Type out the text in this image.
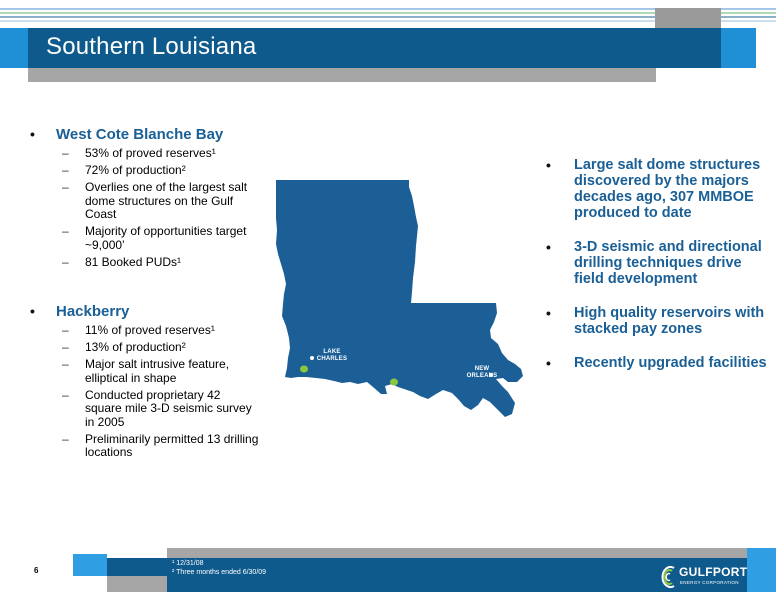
Southern Louisiana
•	West Cote Blanche Bay
–	53% of proved reserves¹
–	72% of production²
–	Overlies one of the largest salt dome structures on the Gulf Coast
–	Majority of opportunities target ~9,000’
–	81 Booked PUDs¹
•	Hackberry
–	11% of proved reserves¹
–	13% of production²
–	Major salt intrusive feature, elliptical in shape
–	Conducted proprietary 42 square mile 3-D seismic survey in 2005
–	Preliminarily permitted 13 drilling locations
LAKE CHARLES
NEW ORLEANS
HACKBERRY FIELD
WEST COTE BLANCHE BAY FIELD
•	Large salt dome structures discovered by the majors decades ago, 307 MMBOE produced to date
•	3-D seismic and directional drilling techniques drive field development
•	High quality reservoirs with stacked pay zones
•	Recently upgraded facilities
6
¹ 12/31/08
² Three months ended 6/30/09	GULFPORT
ENERGY CORPORATION
